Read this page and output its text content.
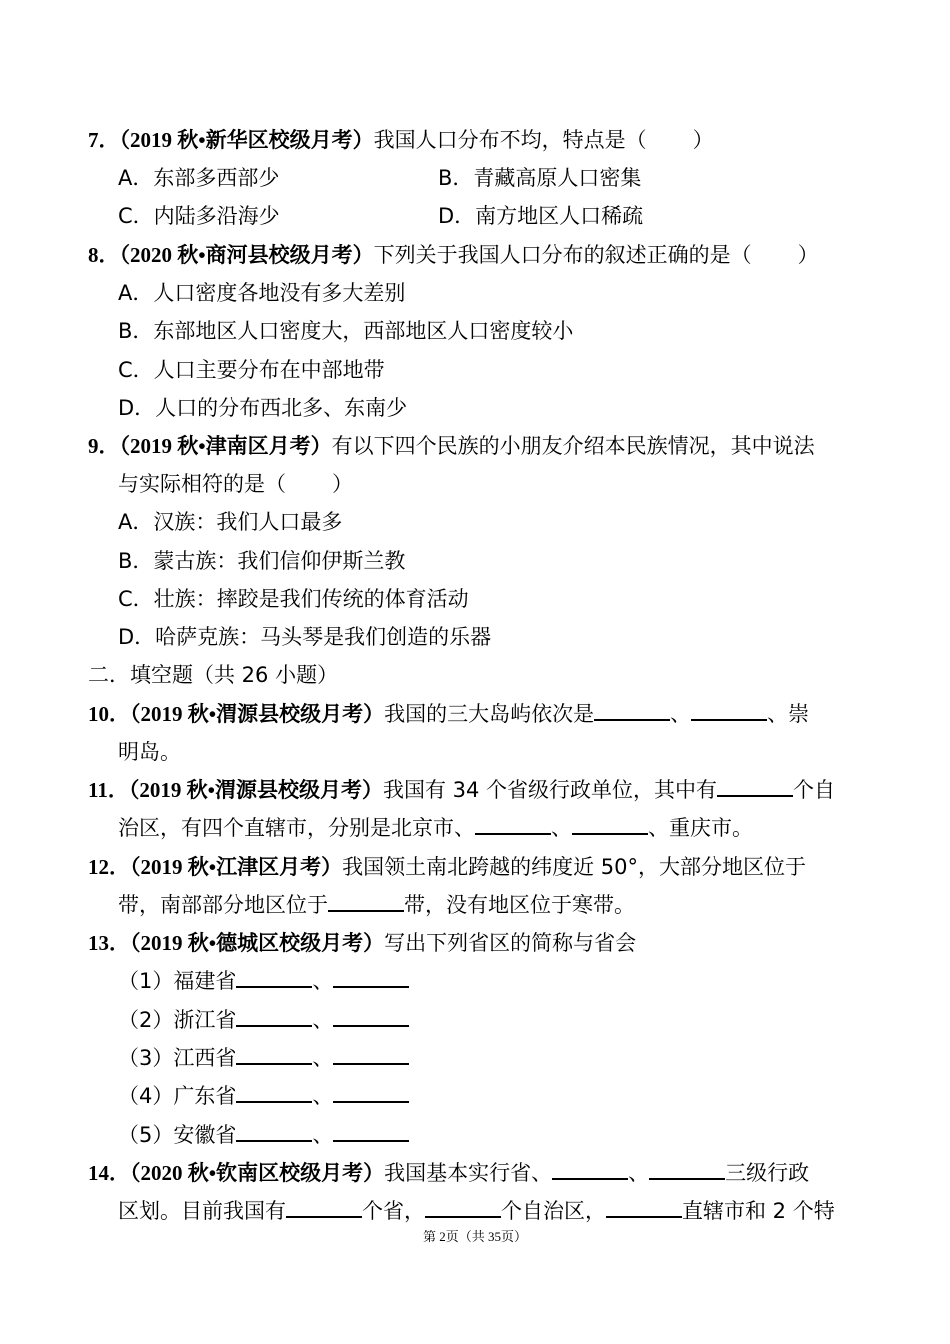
7．（2019 秋•新华区校级月考）我国人口分布不均，特点是（ ）
A．东部多西部少	B．青藏高原人口密集
C．内陆多沿海少	D．南方地区人口稀疏
8．（2020 秋•商河县校级月考）下列关于我国人口分布的叙述正确的是（ ）
A．人口密度各地没有多大差别
B．东部地区人口密度大，西部地区人口密度较小
C．人口主要分布在中部地带
D．人口的分布西北多、东南少
9．（2019 秋•津南区月考）有以下四个民族的小朋友介绍本民族情况，其中说法
与实际相符的是（ ）
A．汉族：我们人口最多
B．蒙古族：我们信仰伊斯兰教
C．壮族：摔跤是我们传统的体育活动
D．哈萨克族：马头琴是我们创造的乐器
二．填空题（共 26 小题）
10．（2019 秋•渭源县校级月考）我国的三大岛屿依次是	、	、崇
明岛。
11．（2019 秋•渭源县校级月考）我国有 34 个省级行政单位，其中有	个自
治区，有四个直辖市，分别是北京市、	、	、重庆市。
12．（2019 秋•江津区月考）我国领土南北跨越的纬度近 50°，大部分地区位于
带，南部部分地区位于	带，没有地区位于寒带。
13．（2019 秋•德城区校级月考）写出下列省区的简称与省会
（1）福建省	、
（2）浙江省	、
（3）江西省	、
（4）广东省	、
（5）安徽省	、
14．（2020 秋•钦南区校级月考）我国基本实行省、	、	三级行政
区划。目前我国有	个省，	个自治区，	直辖市和 2 个特
第 2页（共 35页）
